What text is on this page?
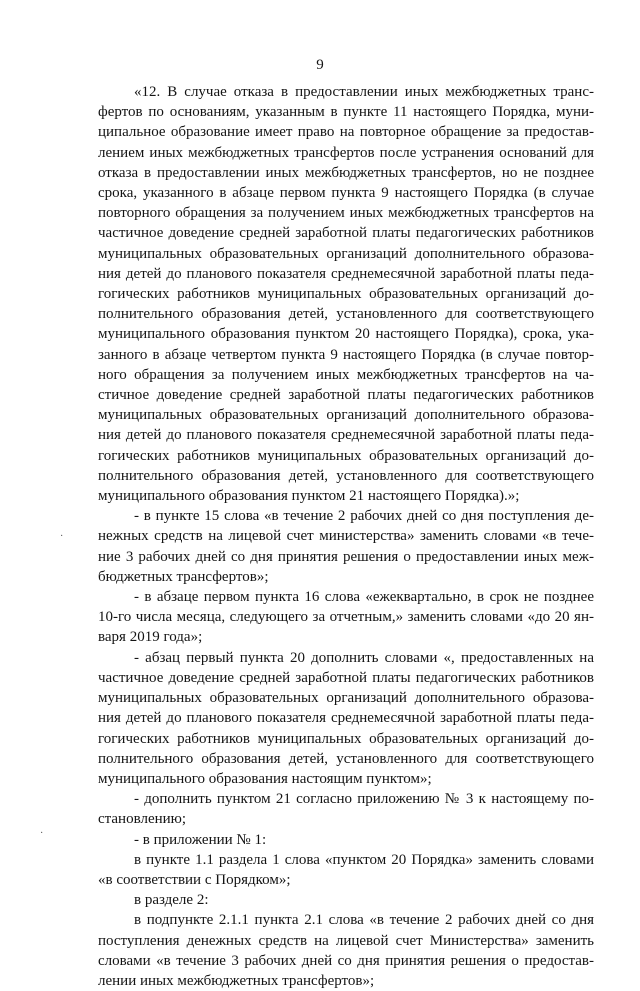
9

«12. В случае отказа в предоставлении иных межбюджетных трансфертов по основаниям, указанным в пункте 11 настоящего Порядка, муниципальное образование имеет право на повторное обращение за предоставлением иных межбюджетных трансфертов после устранения оснований для отказа в предоставлении иных межбюджетных трансфертов, но не позднее срока, указанного в абзаце первом пункта 9 настоящего Порядка (в случае повторного обращения за получением иных межбюджетных трансфертов на частичное доведение средней заработной платы педагогических работников муниципальных образовательных организаций дополнительного образования детей до планового показателя среднемесячной заработной платы педагогических работников муниципальных образовательных организаций дополнительного образования детей, установленного для соответствующего муниципального образования пунктом 20 настоящего Порядка), срока, указанного в абзаце четвертом пункта 9 настоящего Порядка (в случае повторного обращения за получением иных межбюджетных трансфертов на частичное доведение средней заработной платы педагогических работников муниципальных образовательных организаций дополнительного образования детей до планового показателя среднемесячной заработной платы педагогических работников муниципальных образовательных организаций дополнительного образования детей, установленного для соответствующего муниципального образования пунктом 21 настоящего Порядка).»;

- в пункте 15 слова «в течение 2 рабочих дней со дня поступления денежных средств на лицевой счет министерства» заменить словами «в течение 3 рабочих дней со дня принятия решения о предоставлении иных межбюджетных трансфертов»;

- в абзаце первом пункта 16 слова «ежеквартально, в срок не позднее 10-го числа месяца, следующего за отчетным,» заменить словами «до 20 января 2019 года»;

- абзац первый пункта 20 дополнить словами «, предоставленных на частичное доведение средней заработной платы педагогических работников муниципальных образовательных организаций дополнительного образования детей до планового показателя среднемесячной заработной платы педагогических работников муниципальных образовательных организаций дополнительного образования детей, установленного для соответствующего муниципального образования настоящим пунктом»;

- дополнить пунктом 21 согласно приложению № 3 к настоящему постановлению;

- в приложении № 1:

в пункте 1.1 раздела 1 слова «пунктом 20 Порядка» заменить словами «в соответствии с Порядком»;

в разделе 2:

в подпункте 2.1.1 пункта 2.1 слова «в течение 2 рабочих дней со дня поступления денежных средств на лицевой счет Министерства» заменить словами «в течение 3 рабочих дней со дня принятия решения о предоставлении иных межбюджетных трансфертов»;

·
·
